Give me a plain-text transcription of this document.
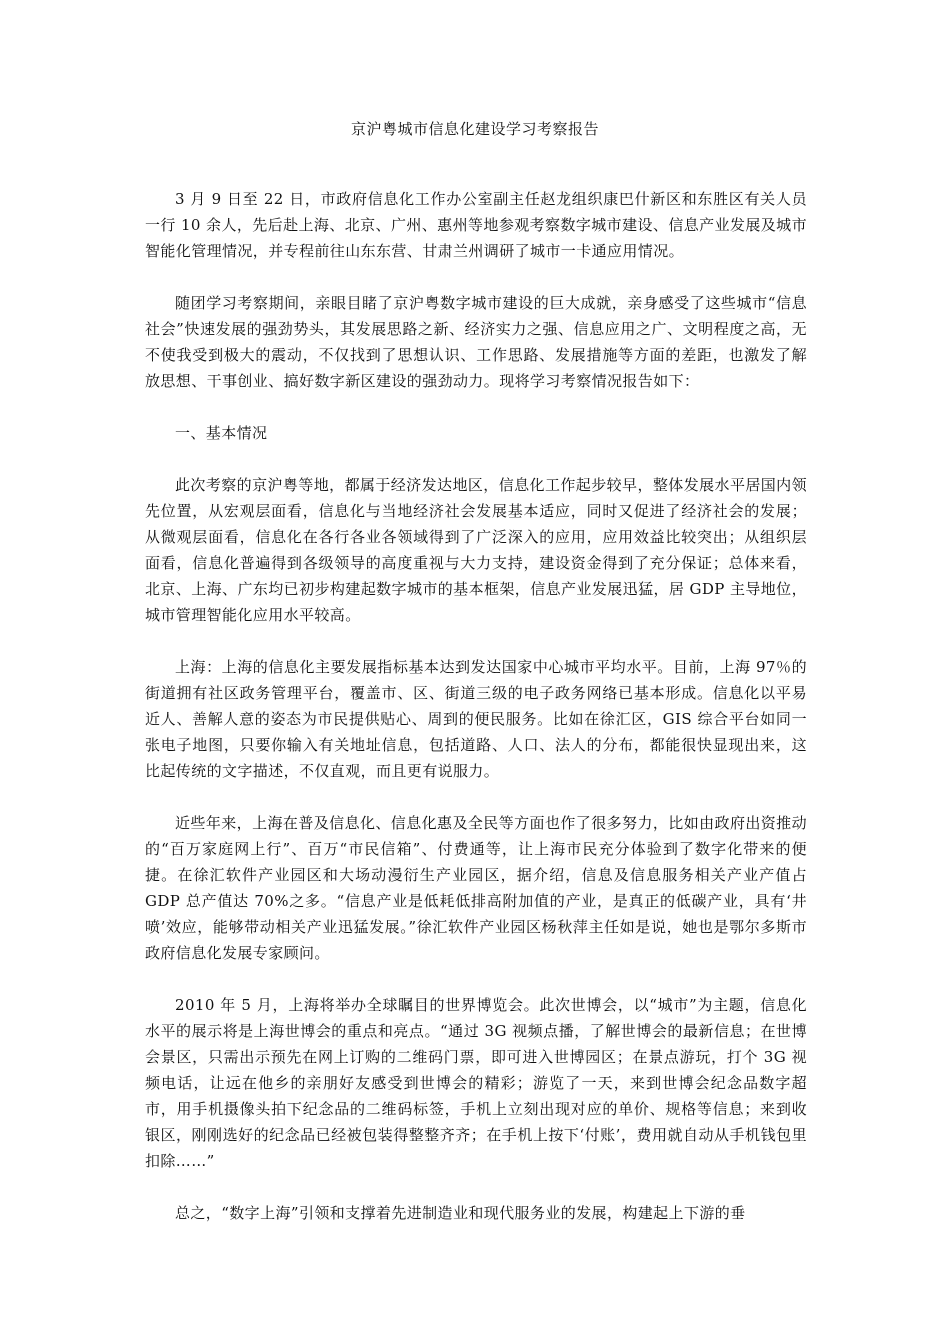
京沪粤城市信息化建设学习考察报告

3 月 9 日至 22 日，市政府信息化工作办公室副主任赵龙组织康巴什新区和东胜区有关人员一行 10 余人，先后赴上海、北京、广州、惠州等地参观考察数字城市建设、信息产业发展及城市智能化管理情况，并专程前往山东东营、甘肃兰州调研了城市一卡通应用情况。

随团学习考察期间，亲眼目睹了京沪粤数字城市建设的巨大成就，亲身感受了这些城市“信息社会”快速发展的强劲势头，其发展思路之新、经济实力之强、信息应用之广、文明程度之高，无不使我受到极大的震动，不仅找到了思想认识、工作思路、发展措施等方面的差距，也激发了解放思想、干事创业、搞好数字新区建设的强劲动力。现将学习考察情况报告如下：

一、基本情况

此次考察的京沪粤等地，都属于经济发达地区，信息化工作起步较早，整体发展水平居国内领先位置，从宏观层面看，信息化与当地经济社会发展基本适应，同时又促进了经济社会的发展；从微观层面看，信息化在各行各业各领域得到了广泛深入的应用，应用效益比较突出；从组织层面看，信息化普遍得到各级领导的高度重视与大力支持，建设资金得到了充分保证；总体来看，北京、上海、广东均已初步构建起数字城市的基本框架，信息产业发展迅猛，居 GDP 主导地位，城市管理智能化应用水平较高。

上海：上海的信息化主要发展指标基本达到发达国家中心城市平均水平。目前，上海 97％的街道拥有社区政务管理平台，覆盖市、区、街道三级的电子政务网络已基本形成。信息化以平易近人、善解人意的姿态为市民提供贴心、周到的便民服务。比如在徐汇区，GIS 综合平台如同一张电子地图，只要你输入有关地址信息，包括道路、人口、法人的分布，都能很快显现出来，这比起传统的文字描述，不仅直观，而且更有说服力。

近些年来，上海在普及信息化、信息化惠及全民等方面也作了很多努力，比如由政府出资推动的“百万家庭网上行”、百万“市民信箱”、付费通等，让上海市民充分体验到了数字化带来的便捷。在徐汇软件产业园区和大场动漫衍生产业园区，据介绍，信息及信息服务相关产业产值占 GDP 总产值达 70%之多。“信息产业是低耗低排高附加值的产业，是真正的低碳产业，具有‘井喷’效应，能够带动相关产业迅猛发展。”徐汇软件产业园区杨秋萍主任如是说，她也是鄂尔多斯市政府信息化发展专家顾问。

2010 年 5 月，上海将举办全球瞩目的世界博览会。此次世博会，以“城市”为主题，信息化水平的展示将是上海世博会的重点和亮点。“通过 3G 视频点播，了解世博会的最新信息；在世博会景区，只需出示预先在网上订购的二维码门票，即可进入世博园区；在景点游玩，打个 3G 视频电话，让远在他乡的亲朋好友感受到世博会的精彩；游览了一天，来到世博会纪念品数字超市，用手机摄像头拍下纪念品的二维码标签，手机上立刻出现对应的单价、规格等信息；来到收银区，刚刚选好的纪念品已经被包装得整整齐齐；在手机上按下‘付账’，费用就自动从手机钱包里扣除……”

总之，“数字上海”引领和支撑着先进制造业和现代服务业的发展，构建起上下游的垂
